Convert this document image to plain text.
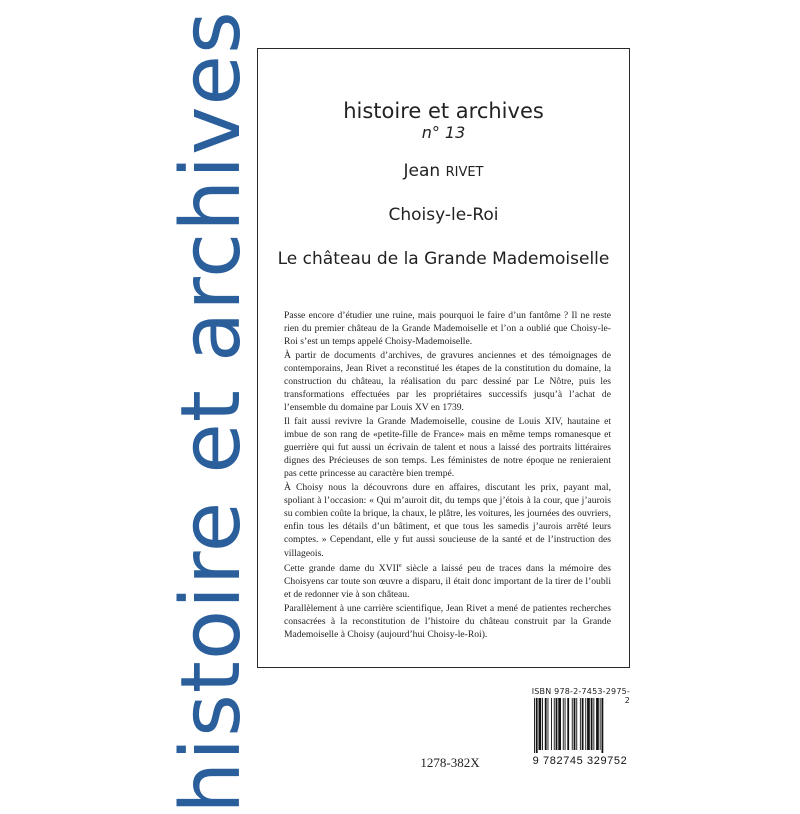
histoire et archives	histoire et archives
n° 13
Jean RIVET
Choisy-le-Roi
Le château de la Grande Mademoiselle

Passe encore d’étudier une ruine, mais pourquoi le faire d’un fantôme ? Il ne reste rien du premier château de la Grande Mademoiselle et l’on a oublié que Choisy-le-Roi s’est un temps appelé Choisy-Mademoiselle.

À partir de documents d’archives, de gravures anciennes et des témoignages de contemporains, Jean Rivet a reconstitué les étapes de la constitution du domaine, la construction du château, la réalisation du parc dessiné par Le Nôtre, puis les transformations effectuées par les propriétaires successifs jusqu’à l’achat de l’ensemble du domaine par Louis XV en 1739.

Il fait aussi revivre la Grande Mademoiselle, cousine de Louis XIV, hautaine et imbue de son rang de «petite-fille de France» mais en même temps romanesque et guerrière qui fut aussi un écrivain de talent et nous a laissé des portraits littéraires dignes des Précieuses de son temps. Les féministes de notre époque ne renieraient pas cette princesse au caractère bien trempé.

À Choisy nous la découvrons dure en affaires, discutant les prix, payant mal, spoliant à l’occasion: « Qui m’auroit dit, du temps que j’étois à la cour, que j’aurois su combien coûte la brique, la chaux, le plâtre, les voitures, les journées des ouvriers, enfin tous les détails d’un bâtiment, et que tous les samedis j’aurois arrêté leurs comptes. » Cependant, elle y fut aussi soucieuse de la santé et de l’instruction des villageois.

Cette grande dame du XVIIe siècle a laissé peu de traces dans la mémoire des Choisyens car toute son œuvre a disparu, il était donc important de la tirer de l’oubli et de redonner vie à son château.

Parallèlement à une carrière scientifique, Jean Rivet a mené de patientes recherches consacrées à la reconstitution de l’histoire du château construit par la Grande Mademoiselle à Choisy (aujourd’hui Choisy-le-Roi).
ISBN 978-2-7453-2975-2
9 782745 329752
1278-382X
